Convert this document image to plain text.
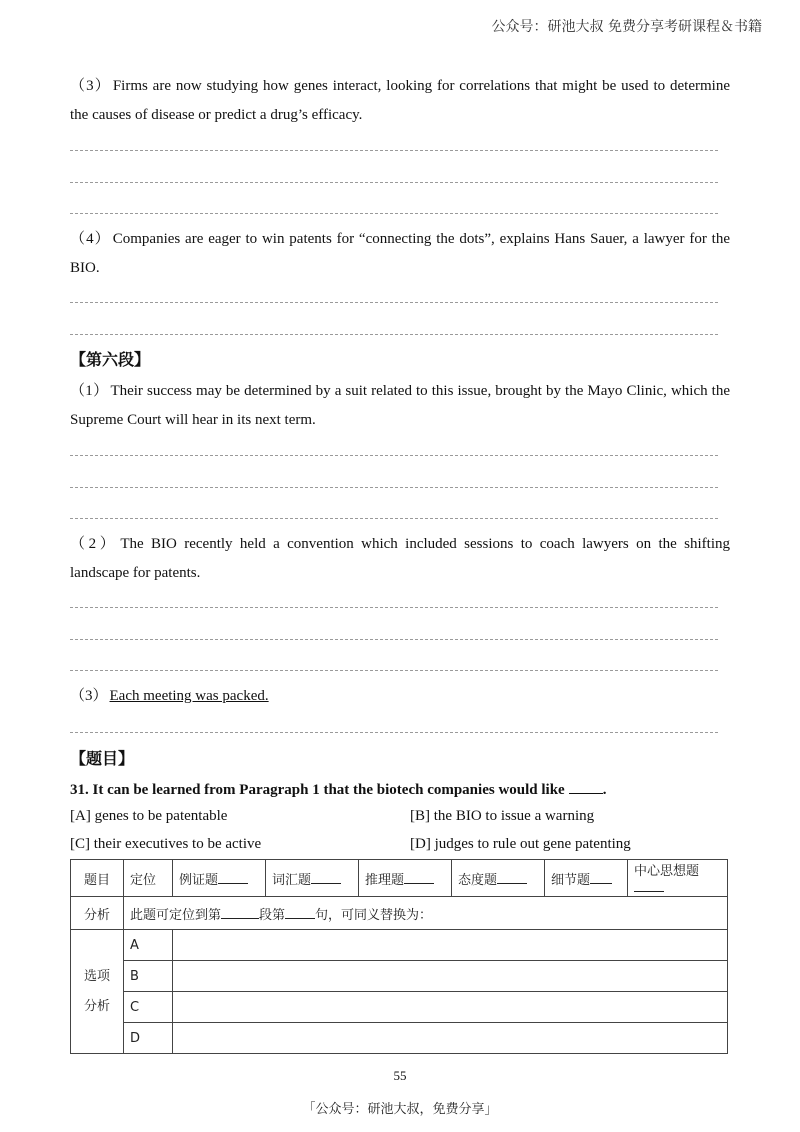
公众号：研池大叔 免费分享考研课程＆书籍
（3） Firms are now studying how genes interact, looking for correlations that might be used to determine the causes of disease or predict a drug’s efficacy.
（4） Companies are eager to win patents for “connecting the dots”, explains Hans Sauer, a lawyer for the BIO.
【第六段】
（1） Their success may be determined by a suit related to this issue, brought by the Mayo Clinic, which the Supreme Court will hear in its next term.
（2） The BIO recently held a convention which included sessions to coach lawyers on the shifting landscape for patents.
（3） Each meeting was packed.
【题目】
31. It can be learned from Paragraph 1 that the biotech companies would like	.
[A] genes to be patentable	[B] the BIO to issue a warning
[C] their executives to be active	[D] judges to rule out gene patenting
题目	定位	例证题	词汇题	推理题	态度题	细节题	中心思想题
分析	此题可定位到第 段第 句，可同义替换为：						
选项
分析	A						
	B						
	C						
	D						
55
「公众号：研池大叔，免费分享」
